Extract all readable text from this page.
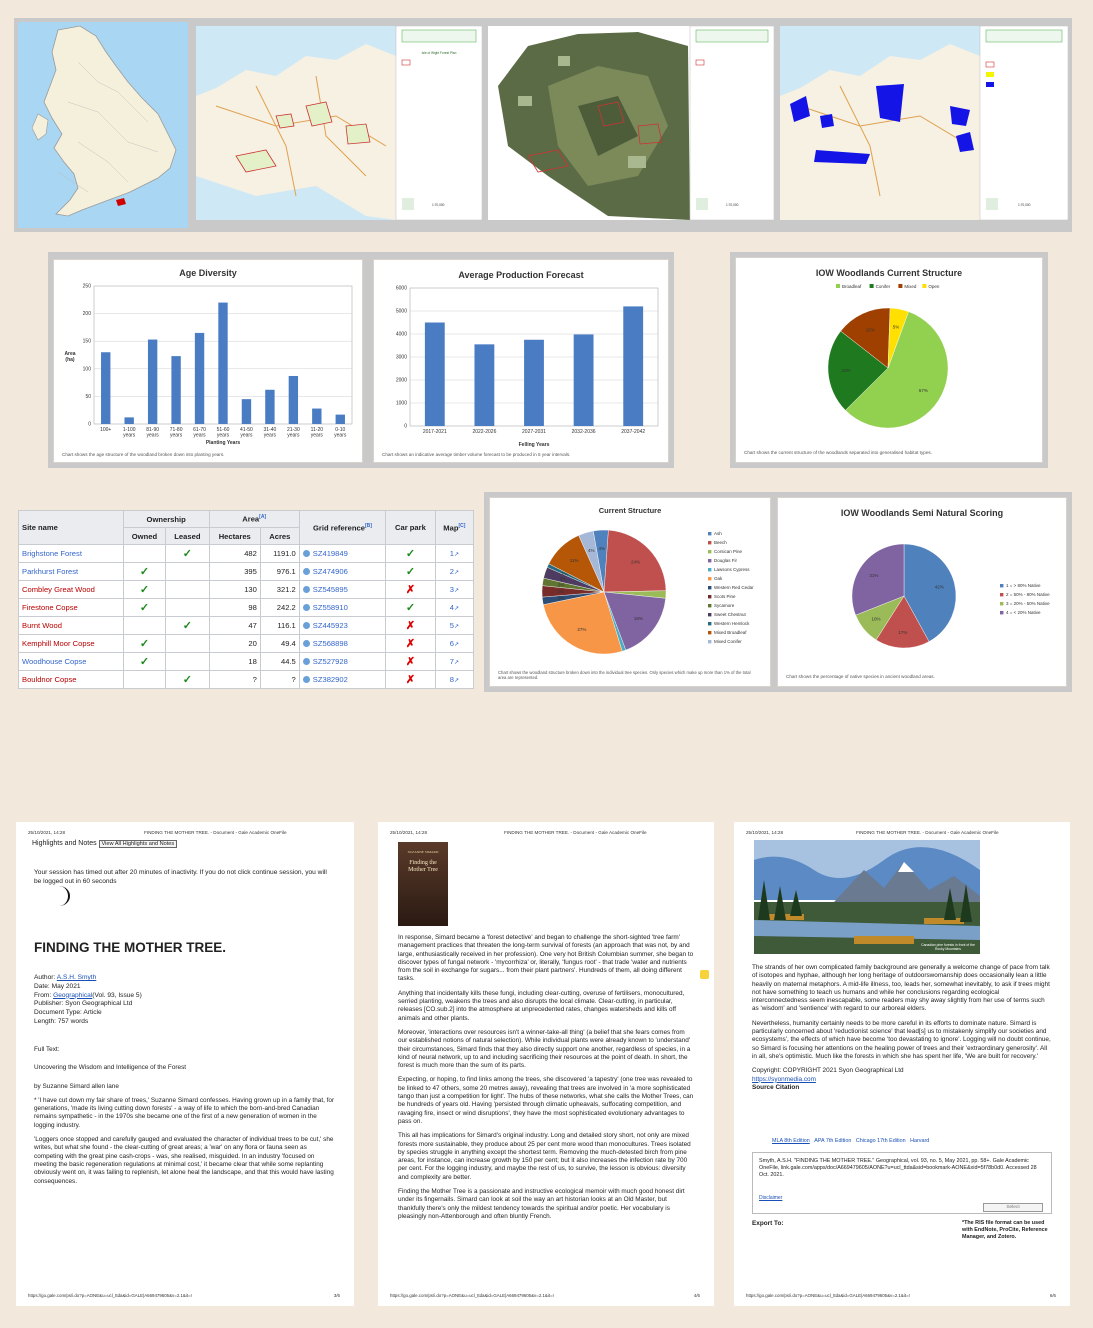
Isle of Wight Forest Plan
1:70,000	1:70,000	1:70,000
Age Diversity
0
50
100
150
200
250
100+ 1-100
years
81-90
years
71-80
years
61-70
years
51-60
years
41-50
years
31-40
years
21-30
years
11-20
years
0-10
years
Planting Years
Area
(ha)
Chart shows the age structure of the woodland broken down into planting years.
Average Production Forecast
0
1000
2000
3000
4000
5000
6000
2017-2021	2022-2026	2027-2031	2032-2036	2037-2042
Felling Years
Chart shows an indicative average timber volume forecast to be produced in 5 year intervals.
IOW Woodlands Current Structure
57%
23%
15%
5%
Broadleaf	Conifer	Mixed	Open
Chart shows the current structure of the woodlands separated into generalised habitat types.
Site name	Ownership		Area[A]		Grid reference[B]	Car park	Map[C]
	Owned	Leased	Hectares	Acres			
Brighstone Forest		✓	482	1191.0	SZ419849	✓	1↗
Parkhurst Forest	✓		395	976.1	SZ474906	✓	2↗
Combley Great Wood	✓		130	321.2	SZ545895	✗	3↗
Firestone Copse	✓		98	242.2	SZ558910	✓	4↗
Burnt Wood		✓	47	116.1	SZ445923	✗	5↗
Kemphill Moor Copse	✓		20	49.4	SZ568898	✗	6↗
Woodhouse Copse	✓		18	44.5	SZ527928	✗	7↗
Bouldnor Copse		✓	?	?	SZ382902	✗	8↗
Current Structure
4%
24%
18%
27%
2%
3%
2%
3%
1%
11%
4%
Ash
Beech
Corsican Pine
Douglas Fir
Lawsons Cypress
Oak
Western Red Cedar
Scots Pine
Sycamore
Sweet Chestnut
Western Hemlock
Mixed Broadleaf
Mixed Conifer
Chart shows the woodland structure broken down into the individual tree species. Only species which make up more than 1% of the total area are represented.
IOW Woodlands Semi Natural Scoring
42%
17%
10%
31%
1 = > 80% Native
2 = 50% - 80% Native
3 = 20% - 50% Native
4 = < 20% Native
Chart shows the percentage of native species in ancient woodland areas.
25/10/2021, 14:28	FINDING THE MOTHER TREE. - Document - Gale Academic OneFile
Highlights and Notes View All Highlights and Notes
Your session has timed out after 20 minutes of inactivity. If you do not click continue session, you will be logged out in 60 seconds
FINDING THE MOTHER TREE.
Author: A.S.H. Smyth
Date: May 2021
From: Geographical(Vol. 93, Issue 5)
Publisher: Syon Geographical Ltd
Document Type: Article
Length: 757 words

Full Text:

Uncovering the Wisdom and Intelligence of the Forest

by Suzanne Simard allen lane

* 'I have cut down my fair share of trees,' Suzanne Simard confesses. Having grown up in a family that, for generations, 'made its living cutting down forests' - a way of life to which the born-and-bred Canadian remains sympathetic - in the 1970s she became one of the first of a new generation of women in the logging industry.

'Loggers once stopped and carefully gauged and evaluated the character of individual trees to be cut,' she writes, but what she found - the clear-cutting of great areas; a 'war' on any flora or fauna seen as competing with the great pine cash-crops - was, she realised, misguided. In an industry 'focused on meeting the basic regeneration regulations at minimal cost,' it became clear that while some replanting obviously went on, it was failing to replenish, let alone heal the landscape, and that this would have lasting consequences.

https://go.gale.com/ps/i.do?p=AONE&u=ucl_ttda&id=GALE|A669479605&v=2.1&it=r	3/6
25/10/2021, 14:28	FINDING THE MOTHER TREE. - Document - Gale Academic OneFile
SUZANNE SIMARD
Finding the Mother Tree

In response, Simard became a 'forest detective' and began to challenge the short-sighted 'tree farm' management practices that threaten the long-term survival of forests (an approach that was not, by and large, enthusiastically received in her profession). One very hot British Columbian summer, she began to discover types of fungal network - 'mycorrhiza' or, literally, 'fungus root' - that trade 'water and nutrients from the soil in exchange for sugars... from their plant partners'. Hundreds of them, all doing different tasks.

Anything that incidentally kills these fungi, including clear-cutting, overuse of fertilisers, monocultured, serried planting, weakens the trees and also disrupts the local climate. Clear-cutting, in particular, releases [CO.sub.2] into the atmosphere at unprecedented rates, changes watersheds and kills off animals and other plants.

Moreover, 'interactions over resources isn't a winner-take-all thing' (a belief that she fears comes from our established notions of natural selection). While individual plants were already known to 'understand' their circumstances, Simard finds that they also directly support one another, regardless of species, in a kind of neural network, up to and including sacrificing their resources at the point of death. In short, the forest is much more than the sum of its parts.

Expecting, or hoping, to find links among the trees, she discovered 'a tapestry' (one tree was revealed to be linked to 47 others, some 20 metres away), revealing that trees are involved in 'a more sophisticated tango than just a competition for light'. The hubs of these networks, what she calls the Mother Trees, can be hundreds of years old. Having 'persisted through climatic upheavals, suffocating competition, and ravaging fire, insect or wind disruptions', they have the most sophisticated evolutionary advantages to pass on.

This all has implications for Simard's original industry. Long and detailed story short, not only are mixed forests more sustainable, they produce about 25 per cent more wood than monocultures. Trees isolated by species struggle in anything except the shortest term. Removing the much-detested birch from pine areas, for instance, can increase growth by 150 per cent; but it also increases the infection rate by 700 per cent. For the logging industry, and maybe the rest of us, to survive, the lesson is obvious: diversity and complexity are better.

Finding the Mother Tree is a passionate and instructive ecological memoir with much good honest dirt under its fingernails. Simard can look at soil the way an art historian looks at an Old Master, but thankfully there's only the mildest tendency towards the spiritual and/or poetic. Her vocabulary is pleasingly non-Attenborough and often bluntly French.

https://go.gale.com/ps/i.do?p=AONE&u=ucl_ttda&id=GALE|A669479605&v=2.1&it=r	4/6
25/10/2021, 14:28	FINDING THE MOTHER TREE. - Document - Gale Academic OneFile
Canadian pine forests in front of the Rocky Mountains

The strands of her own complicated family background are generally a welcome change of pace from talk of isotopes and hyphae, although her long heritage of outdoorswomanship does occasionally lean a little heavily on maternal metaphors. A mid-life illness, too, leads her, somewhat inevitably, to ask if trees might not have something to teach us humans and while her conclusions regarding ecological interconnectedness seem inescapable, some readers may shy away slightly from her use of terms such as 'wisdom' and 'sentience' with regard to our arboreal elders.

Nevertheless, humanity certainly needs to be more careful in its efforts to dominate nature. Simard is particularly concerned about 'reductionist science' that lead[s] us to mistakenly simplify our societies and ecosystems', the effects of which have become 'too devastating to ignore'. Logging will no doubt continue, so Simard is focusing her attentions on the healing power of trees and their 'extraordinary generosity'. All in all, she's optimistic. Much like the forests in which she has spent her life, 'We are built for recovery.'

Copyright: COPYRIGHT 2021 Syon Geographical Ltd
https://syonmedia.com
Source Citation
MLA 8th Edition APA 7th Edition Chicago 17th Edition Harvard
Smyth, A.S.H. "FINDING THE MOTHER TREE." Geographical, vol. 93, no. 5, May 2021, pp. 58+. Gale Academic OneFile, link.gale.com/apps/doc/A669479605/AONE?u=ucl_ttda&sid=bookmark-AONE&xid=5f78b0d0. Accessed 28 Oct. 2021.
Disclaimer
Select
Export To:	*The RIS file format can be used with EndNote, ProCite, Reference Manager, and Zotero.
https://go.gale.com/ps/i.do?p=AONE&u=ucl_ttda&id=GALE|A669479605&v=2.1&it=r	6/6
